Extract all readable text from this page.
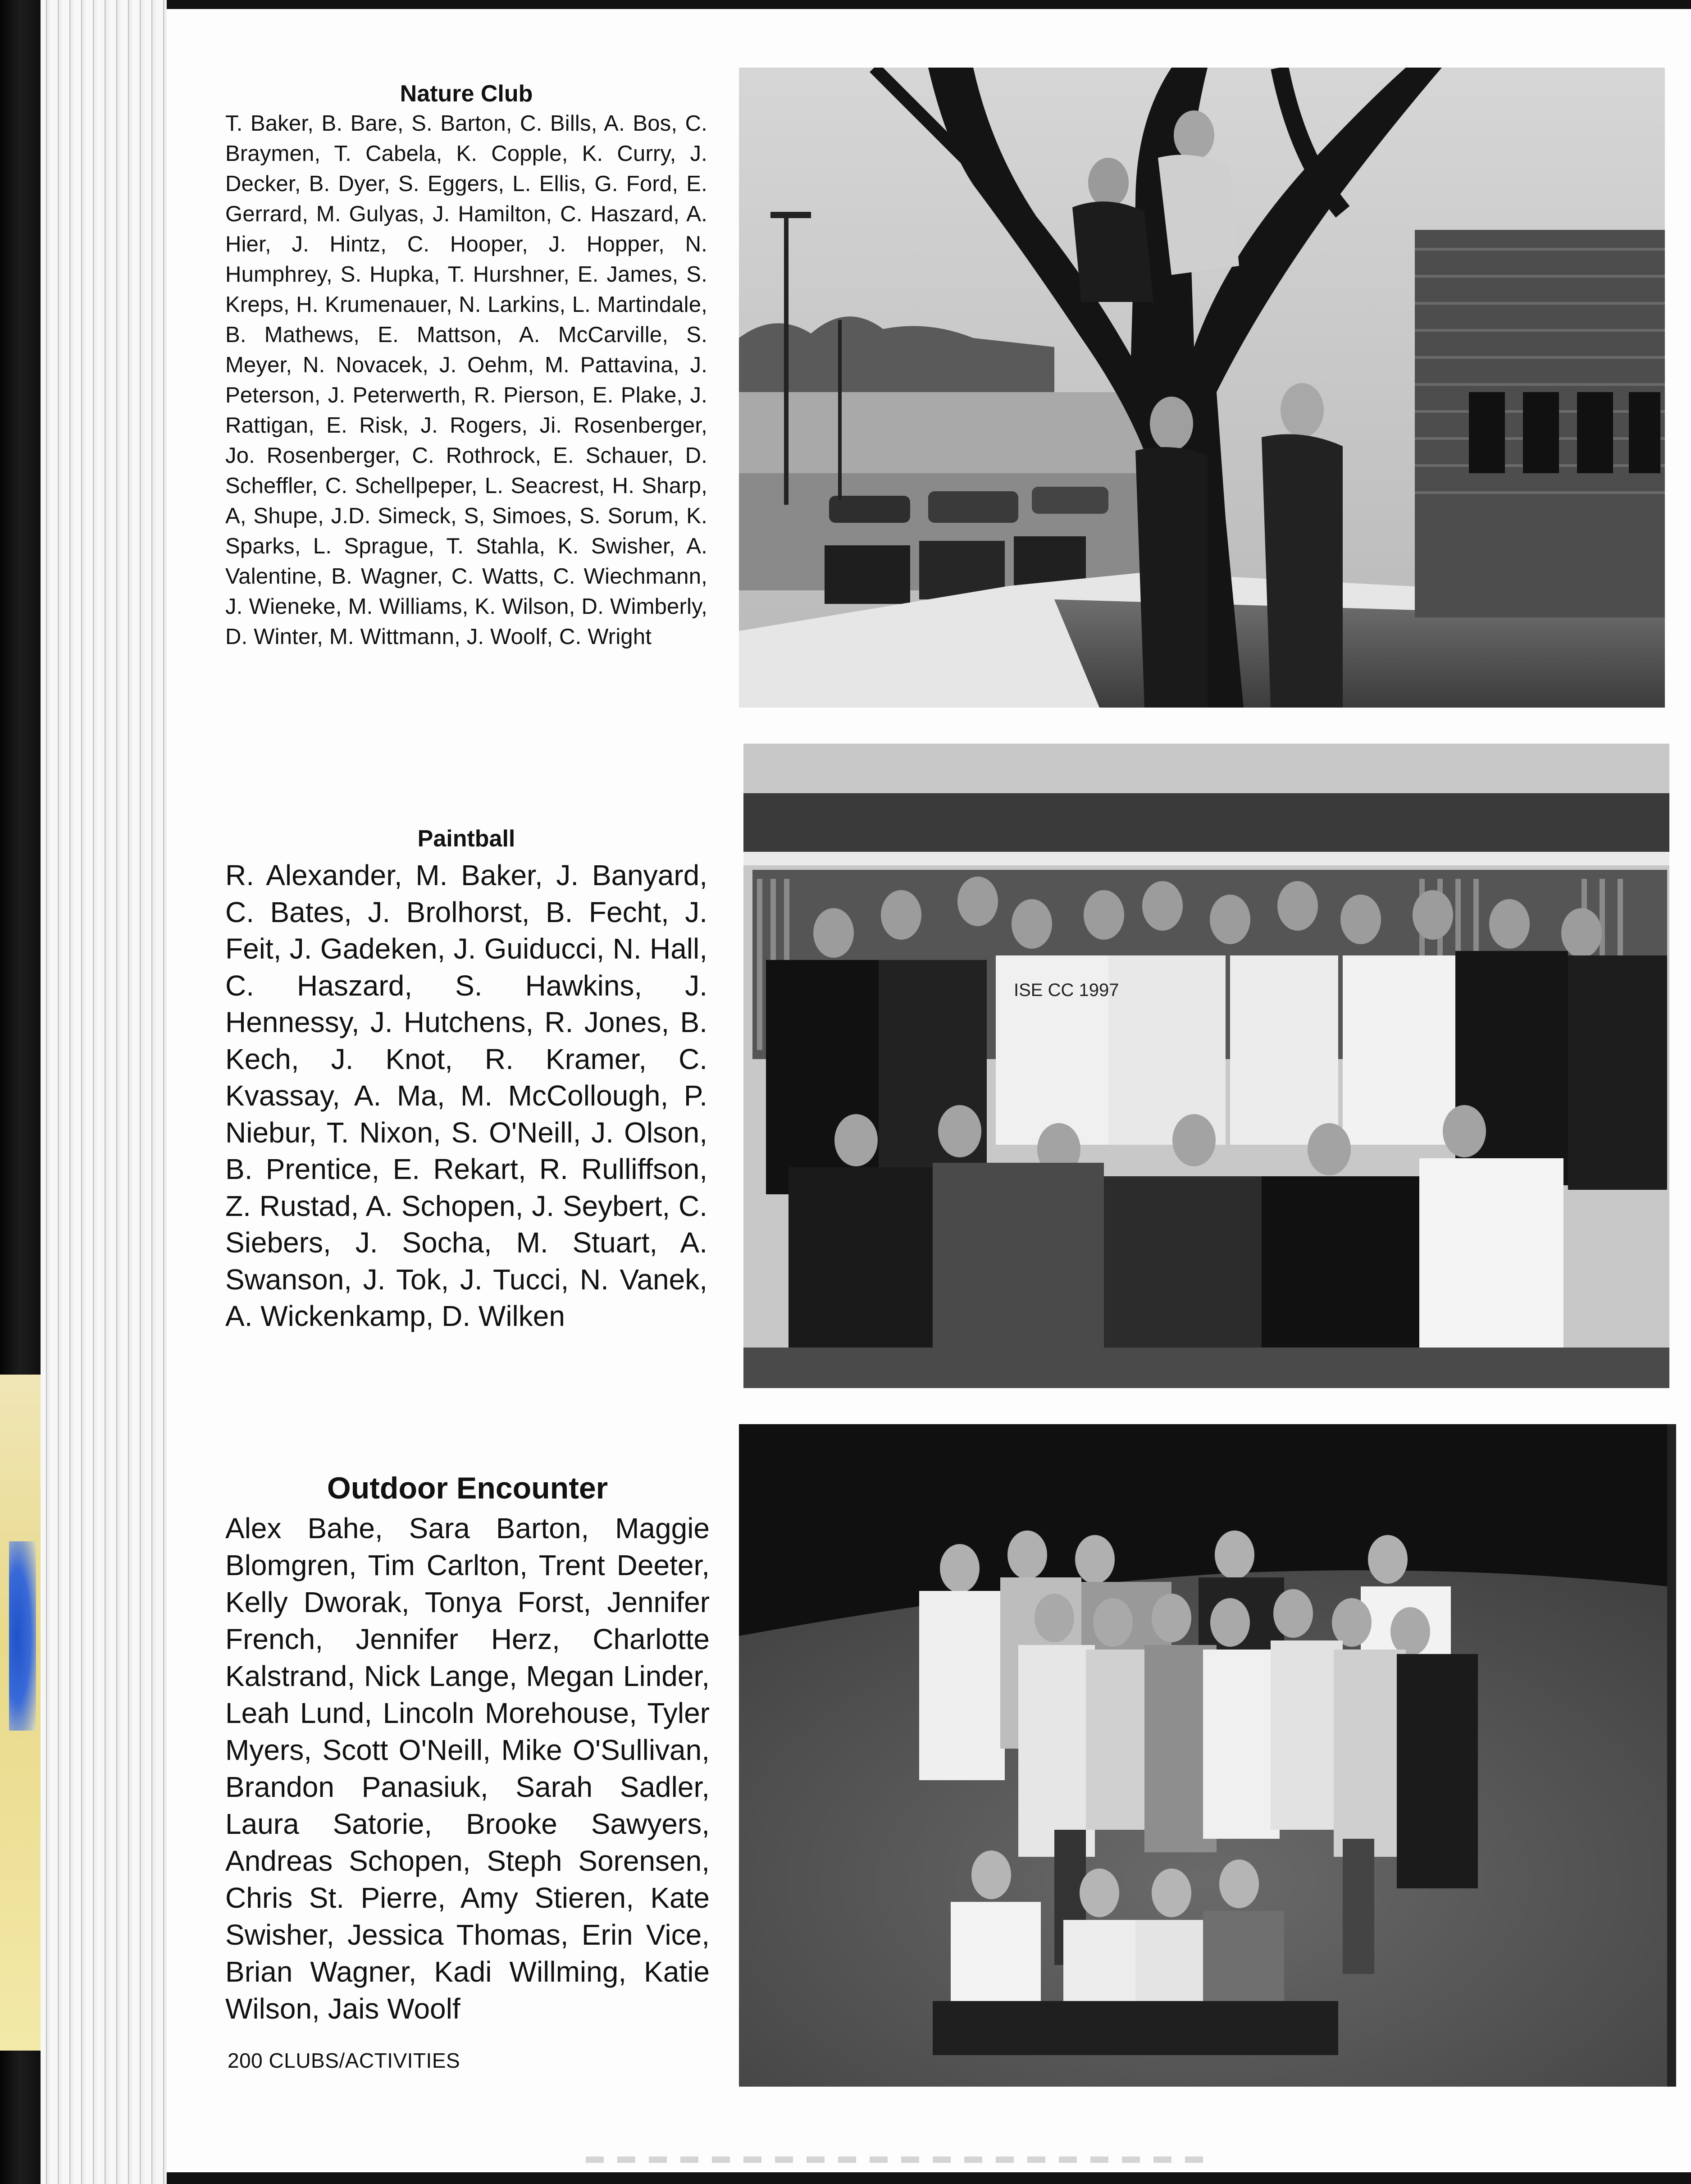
Nature Club
T. Baker, B. Bare, S. Barton, C. Bills, A. Bos, C. Braymen, T. Cabela, K. Copple, K. Curry, J. Decker, B. Dyer, S. Eggers, L. Ellis, G. Ford, E. Gerrard, M. Gulyas, J. Hamilton, C. Haszard, A. Hier, J. Hintz, C. Hooper, J. Hopper, N. Humphrey, S. Hupka, T. Hurshner, E. James, S. Kreps, H. Krumenauer, N. Larkins, L. Martindale, B. Mathews, E. Mattson, A. McCarville, S. Meyer, N. Novacek, J. Oehm, M. Pattavina, J. Peterson, J. Peterwerth, R. Pierson, E. Plake, J. Rattigan, E. Risk, J. Rogers, Ji. Rosenberger, Jo. Rosenberger, C. Rothrock, E. Schauer, D. Scheffler, C. Schellpeper, L. Seacrest, H. Sharp, A, Shupe, J.D. Simeck, S, Simoes, S. Sorum, K. Sparks, L. Sprague, T. Stahla, K. Swisher, A. Valentine, B. Wagner, C. Watts, C. Wiechmann, J. Wieneke, M. Williams, K. Wilson, D. Wimberly, D. Winter, M. Wittmann, J. Woolf, C. Wright
Paintball
R. Alexander, M. Baker, J. Banyard, C. Bates, J. Brolhorst, B. Fecht, J. Feit, J. Gadeken, J. Guiducci, N. Hall, C. Haszard, S. Hawkins, J. Hennessy, J. Hutchens, R. Jones, B. Kech, J. Knot, R. Kramer, C. Kvassay, A. Ma, M. McCollough, P. Niebur, T. Nixon, S. O'Neill, J. Olson, B. Prentice, E. Rekart, R. Rulliffson, Z. Rustad, A. Schopen, J. Seybert, C. Siebers, J. Socha, M. Stuart, A. Swanson, J. Tok, J. Tucci, N. Vanek, A. Wickenkamp, D. Wilken
Outdoor Encounter
Alex Bahe, Sara Barton, Maggie Blomgren, Tim Carlton, Trent Deeter, Kelly Dworak, Tonya Forst, Jennifer French, Jennifer Herz, Charlotte Kalstrand, Nick Lange, Megan Linder, Leah Lund, Lincoln Morehouse, Tyler Myers, Scott O'Neill, Mike O'Sullivan, Brandon Panasiuk, Sarah Sadler, Laura Satorie, Brooke Sawyers, Andreas Schopen, Steph Sorensen, Chris St. Pierre, Amy Stieren, Kate Swisher, Jessica Thomas, Erin Vice, Brian Wagner, Kadi Willming, Katie Wilson, Jais Woolf
200 CLUBS/ACTIVITIES
ISE CC 1997
